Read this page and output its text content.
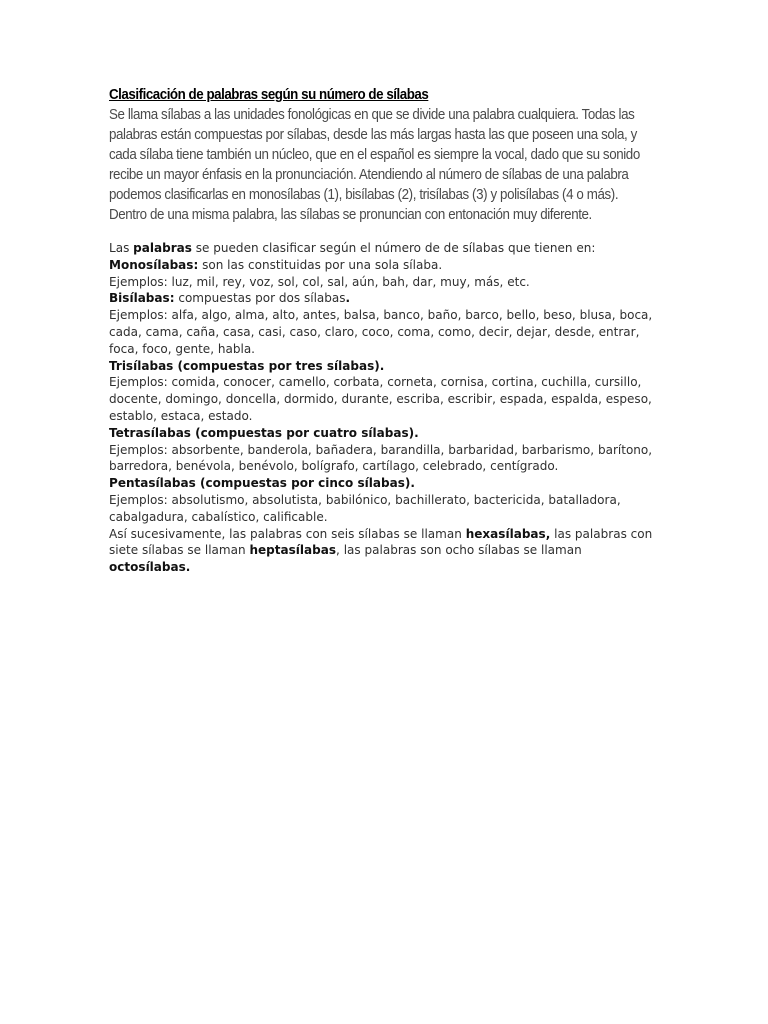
Clasificación de palabras según su número de sílabas

Se llama sílabas a las unidades fonológicas en que se divide una palabra cualquiera. Todas las palabras están compuestas por sílabas, desde las más largas hasta las que poseen una sola, y cada sílaba tiene también un núcleo, que en el español es siempre la vocal, dado que su sonido recibe un mayor énfasis en la pronunciación. Atendiendo al número de sílabas de una palabra podemos clasificarlas en monosílabas (1), bisílabas (2), trisílabas (3) y polisílabas (4 o más). Dentro de una misma palabra, las sílabas se pronuncian con entonación muy diferente.

Las palabras se pueden clasificar según el número de de sílabas que tienen en:

Monosílabas: son las constituidas por una sola sílaba.

Ejemplos: luz, mil, rey, voz, sol, col, sal, aún, bah, dar, muy, más, etc.

Bisílabas: compuestas por dos sílabas.

Ejemplos: alfa, algo, alma, alto, antes, balsa, banco, baño, barco, bello, beso, blusa, boca, cada, cama, caña, casa, casi, caso, claro, coco, coma, como, decir, dejar, desde, entrar, foca, foco, gente, habla.

Trisílabas (compuestas por tres sílabas).

Ejemplos: comida, conocer, camello, corbata, corneta, cornisa, cortina, cuchilla, cursillo, docente, domingo, doncella, dormido, durante, escriba, escribir, espada, espalda, espeso, establo, estaca, estado.

Tetrasílabas (compuestas por cuatro sílabas).

Ejemplos: absorbente, banderola, bañadera, barandilla, barbaridad, barbarismo, barítono, barredora, benévola, benévolo, bolígrafo, cartílago, celebrado, centígrado.

Pentasílabas (compuestas por cinco sílabas).

Ejemplos: absolutismo, absolutista, babilónico, bachillerato, bactericida, batalladora, cabalgadura, cabalístico, calificable.

Así sucesivamente, las palabras con seis sílabas se llaman hexasílabas, las palabras con siete sílabas se llaman heptasílabas, las palabras son ocho sílabas se llaman octosílabas.
